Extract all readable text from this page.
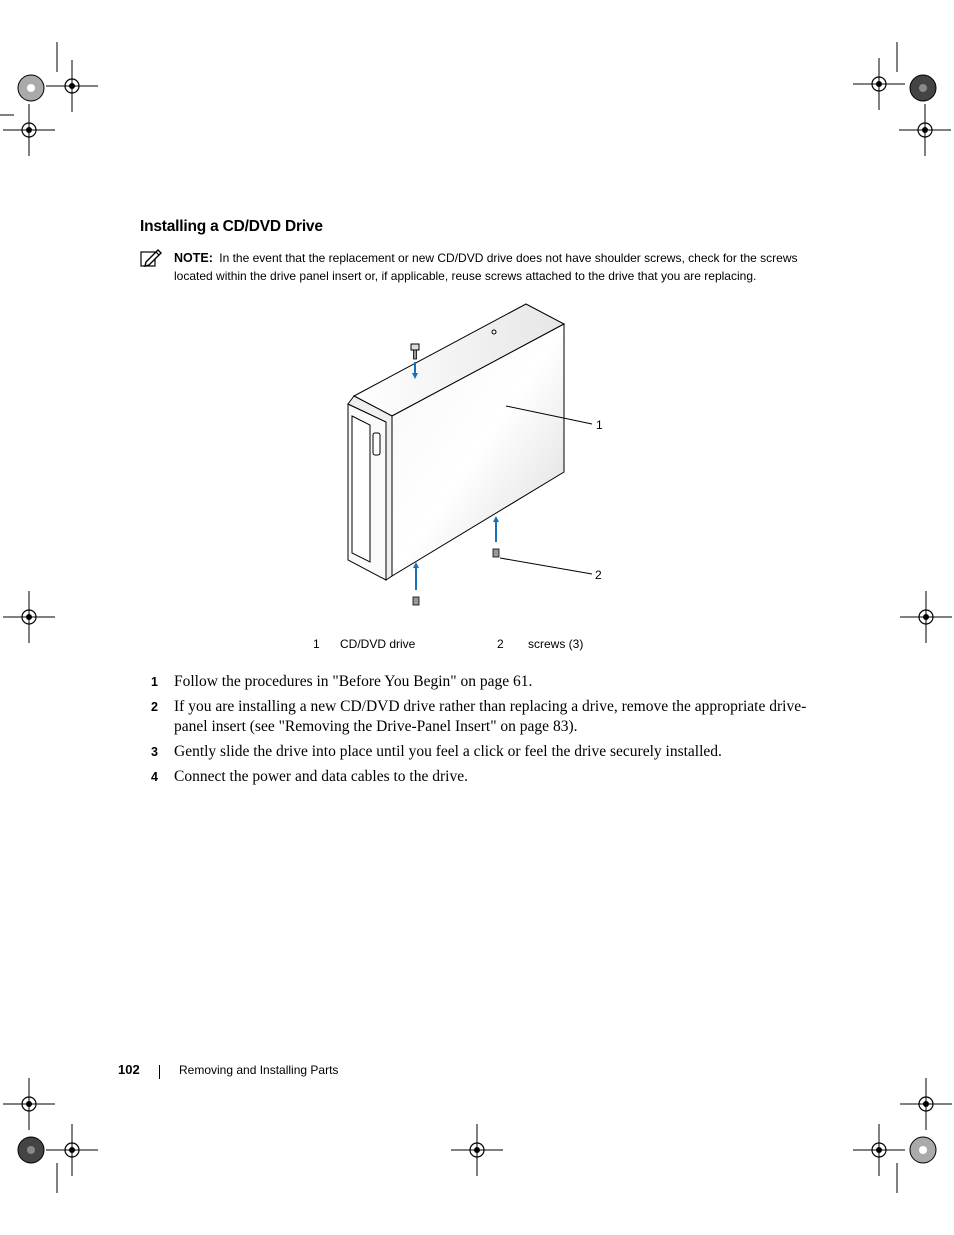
Installing a CD/DVD Drive
NOTE: In the event that the replacement or new CD/DVD drive does not have shoulder screws, check for the screws located within the drive panel insert or, if applicable, reuse screws attached to the drive that you are replacing.
1
2
1 CD/DVD drive	2 screws (3)
1 Follow the procedures in "Before You Begin" on page 61.
2 If you are installing a new CD/DVD drive rather than replacing a drive, remove the appropriate drive-panel insert (see "Removing the Drive-Panel Insert" on page 83).
3 Gently slide the drive into place until you feel a click or feel the drive securely installed.
4 Connect the power and data cables to the drive.
102	Removing and Installing Parts
